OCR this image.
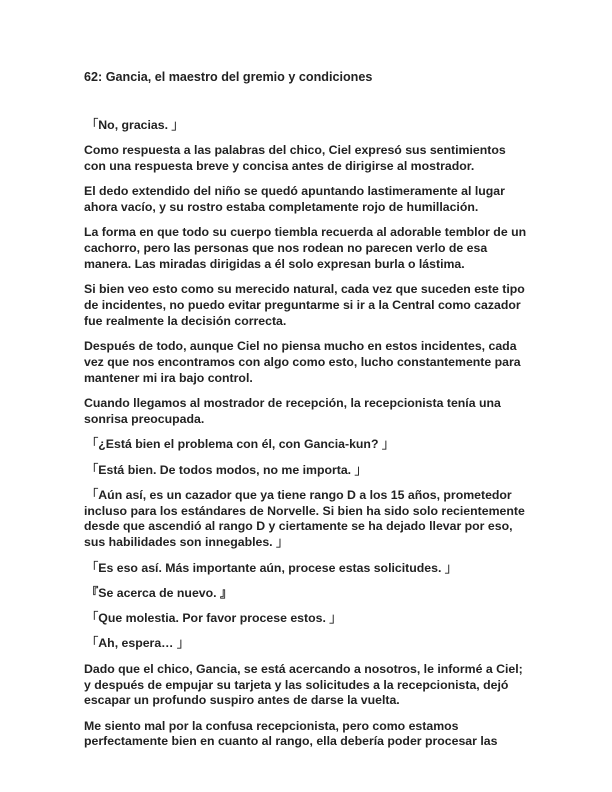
62: Gancia, el maestro del gremio y condiciones

「No, gracias. 」

Como respuesta a las palabras del chico, Ciel expresó sus sentimientos con una respuesta breve y concisa antes de dirigirse al mostrador.

El dedo extendido del niño se quedó apuntando lastimeramente al lugar ahora vacío, y su rostro estaba completamente rojo de humillación.

La forma en que todo su cuerpo tiembla recuerda al adorable temblor de un cachorro, pero las personas que nos rodean no parecen verlo de esa manera. Las miradas dirigidas a él solo expresan burla o lástima.

Si bien veo esto como su merecido natural, cada vez que suceden este tipo de incidentes, no puedo evitar preguntarme si ir a la Central como cazador fue realmente la decisión correcta.

Después de todo, aunque Ciel no piensa mucho en estos incidentes, cada vez que nos encontramos con algo como esto, lucho constantemente para mantener mi ira bajo control.

Cuando llegamos al mostrador de recepción, la recepcionista tenía una sonrisa preocupada.

「¿Está bien el problema con él, con Gancia-kun? 」

「Está bien. De todos modos, no me importa. 」

「Aún así, es un cazador que ya tiene rango D a los 15 años, prometedor incluso para los estándares de Norvelle. Si bien ha sido solo recientemente desde que ascendió al rango D y ciertamente se ha dejado llevar por eso, sus habilidades son innegables. 」

「Es eso así. Más importante aún, procese estas solicitudes. 」

『Se acerca de nuevo. 』

「Que molestia. Por favor procese estos. 」

「Ah, espera… 」

Dado que el chico, Gancia, se está acercando a nosotros, le informé a Ciel; y después de empujar su tarjeta y las solicitudes a la recepcionista, dejó escapar un profundo suspiro antes de darse la vuelta.

Me siento mal por la confusa recepcionista, pero como estamos perfectamente bien en cuanto al rango, ella debería poder procesar las
